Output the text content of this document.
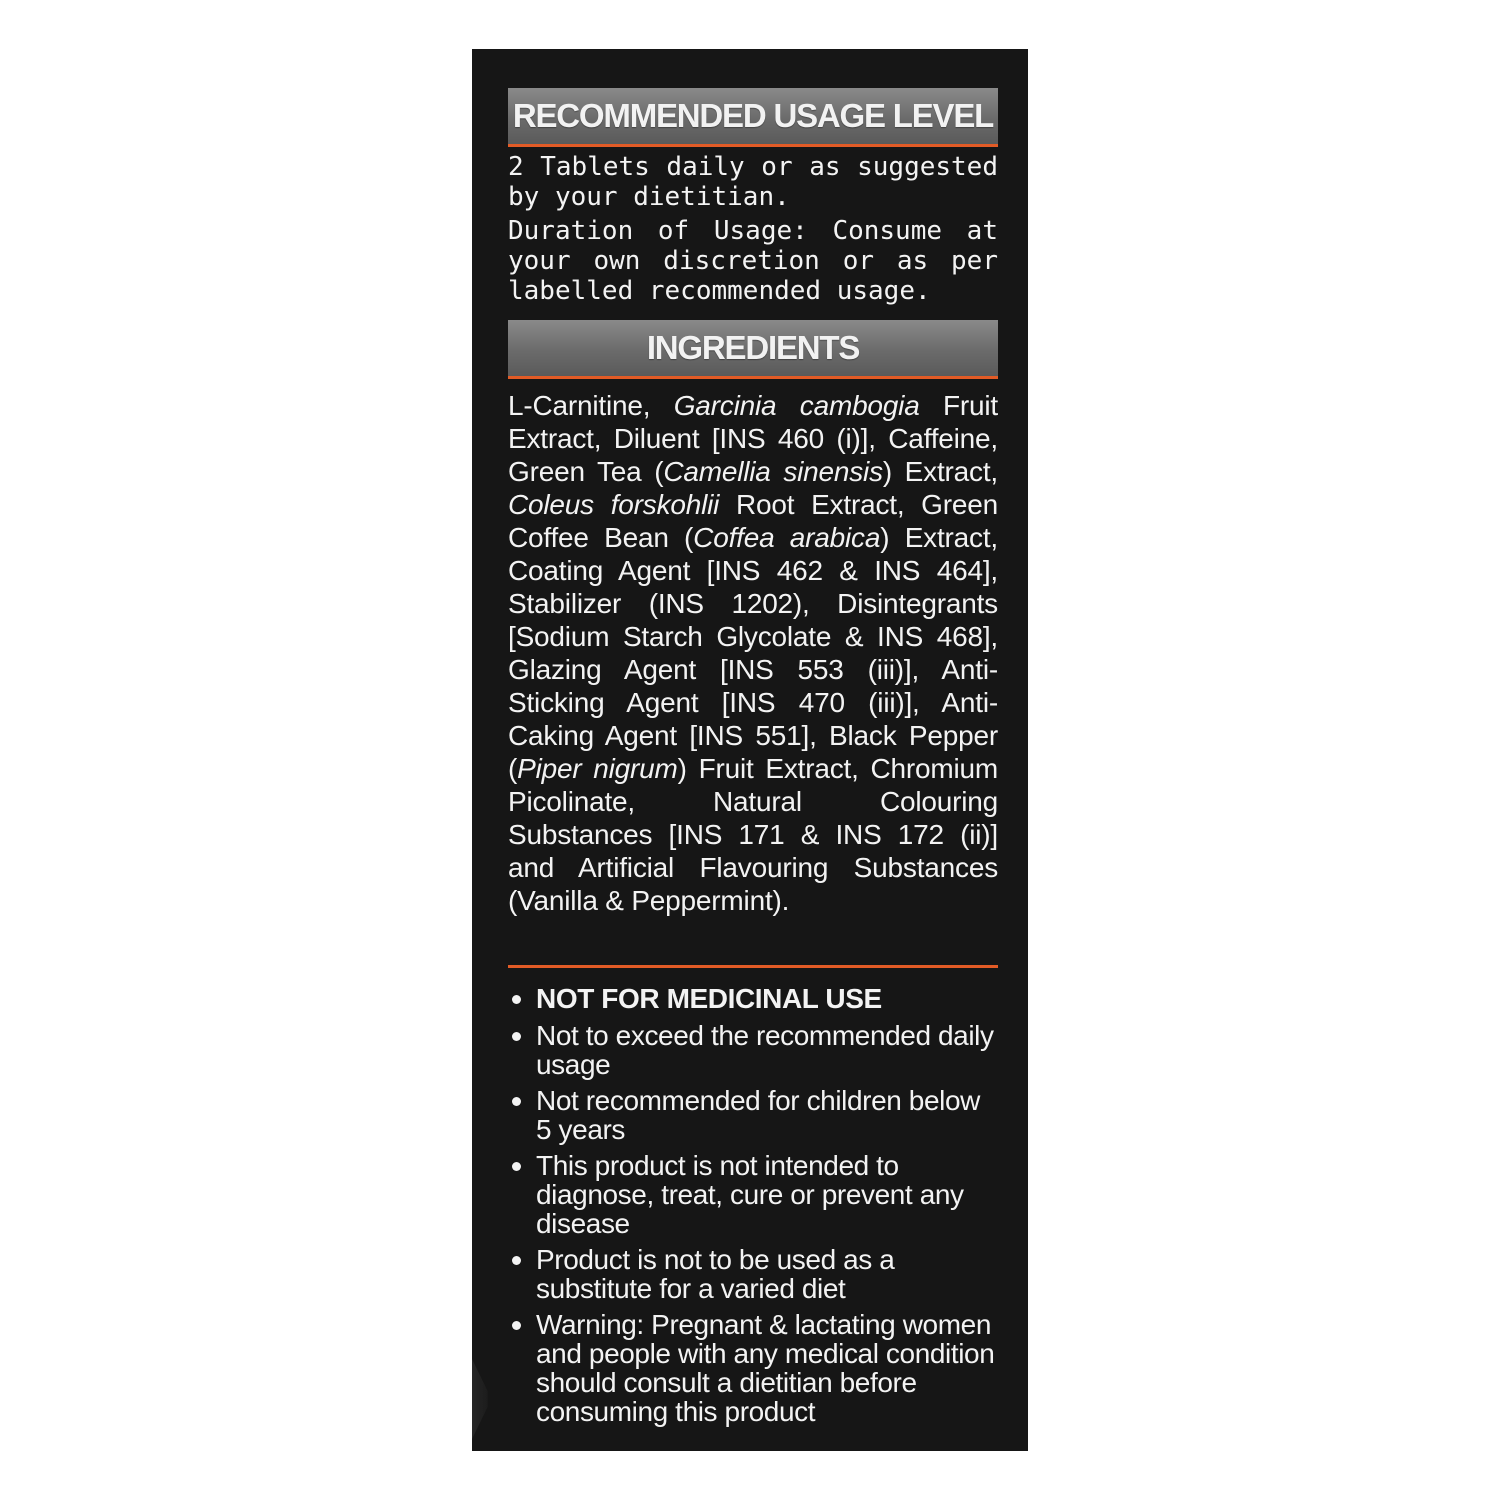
RECOMMENDED USAGE LEVEL

2 Tablets daily or as suggested by your dietitian.

Duration of Usage: Consume at your own discretion or as per labelled recommended usage.

INGREDIENTS
L-Carnitine, Garcinia cambogia Fruit Extract, Diluent [INS 460 (i)], Caffeine, Green Tea (Camellia sinensis) Extract, Coleus forskohlii Root Extract, Green Coffee Bean (Coffea arabica) Extract, Coating Agent [INS 462 & INS 464], Stabilizer (INS 1202), Disintegrants [Sodium Starch Glycolate & INS 468], Glazing Agent [INS 553 (iii)], Anti-Sticking Agent [INS 470 (iii)], Anti-Caking Agent [INS 551], Black Pepper (Piper nigrum) Fruit Extract, Chromium Picolinate, Natural Colouring Substances [INS 171 & INS 172 (ii)] and Artificial Flavouring Substances (Vanilla & Peppermint).
NOT FOR MEDICINAL USE
Not to exceed the recommended daily usage
Not recommended for children below 5 years
This product is not intended to diagnose, treat, cure or prevent any disease
Product is not to be used as a substitute for a varied diet
Warning: Pregnant & lactating women and people with any medical condition should consult a dietitian before consuming this product
